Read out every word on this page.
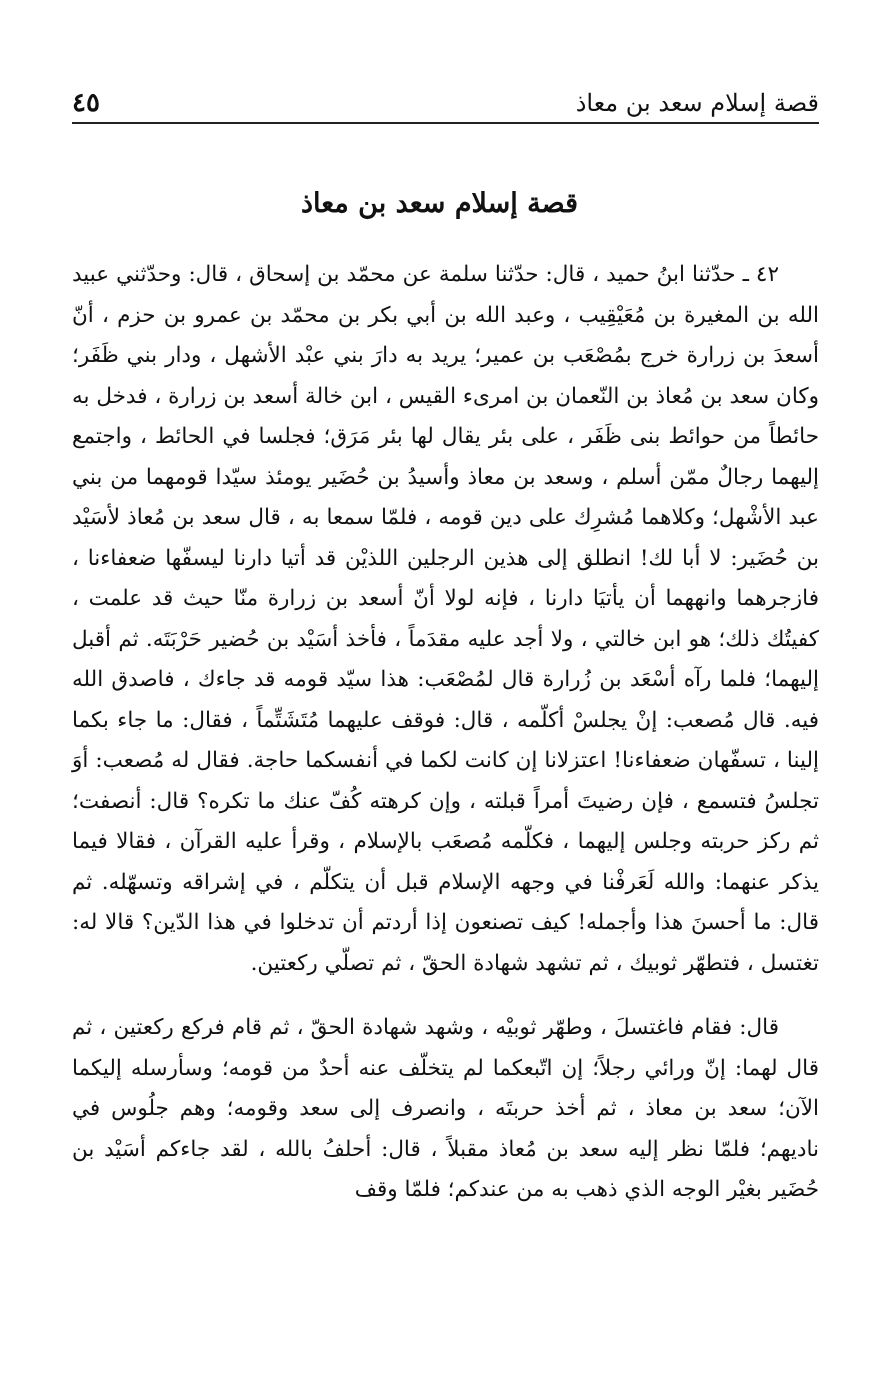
قصة إسلام سعد بن معاذ
٤٥
قصة إسلام سعد بن معاذ

٤٢ ـ حدّثنا ابنُ حميد ، قال: حدّثنا سلمة عن محمّد بن إسحاق ، قال: وحدّثني عبيد الله بن المغيرة بن مُعَيْقِيب ، وعبد الله بن أبي بكر بن محمّد بن عمرو بن حزم ، أنّ أسعدَ بن زرارة خرج بمُصْعَب بن عمير؛ يريد به دارَ بني عبْد الأشهل ، ودار بني ظَفَر؛ وكان سعد بن مُعاذ بن النّعمان بن امرىء القيس ، ابن خالة أسعد بن زرارة ، فدخل به حائطاً من حوائط بنى ظَفَر ، على بئر يقال لها بئر مَرَق؛ فجلسا في الحائط ، واجتمع إليهما رجالٌ ممّن أسلم ، وسعد بن معاذ وأسيدُ بن حُضَير يومئذ سيّدا قومهما من بني عبد الأشْهل؛ وكلاهما مُشرِك على دين قومه ، فلمّا سمعا به ، قال سعد بن مُعاذ لأسَيْد بن حُضَير: لا أبا لك! انطلق إلى هذين الرجلين اللذيْن قد أتيا دارنا ليسفّها ضعفاءنا ، فازجرهما وانههما أن يأتيَا دارنا ، فإنه لولا أنّ أسعد بن زرارة منّا حيث قد علمت ، كفيتُك ذلك؛ هو ابن خالتي ، ولا أجد عليه مقدَماً ، فأخذ أسَيْد بن حُضير حَرْبَتَه. ثم أقبل إليهما؛ فلما رآه أسْعَد بن زُرارة قال لمُصْعَب: هذا سيّد قومه قد جاءك ، فاصدق الله فيه. قال مُصعب: إنْ يجلسْ أكلّمه ، قال: فوقف عليهما مُتَشَتِّماً ، فقال: ما جاء بكما إلينا ، تسفّهان ضعفاءنا! اعتزلانا إن كانت لكما في أنفسكما حاجة. فقال له مُصعب: أوَ تجلسُ فتسمع ، فإن رضيتَ أمراً قبلته ، وإن كرهته كُفّ عنك ما تكره؟ قال: أنصفت؛ ثم ركز حربته وجلس إليهما ، فكلّمه مُصعَب بالإسلام ، وقرأ عليه القرآن ، فقالا فيما يذكر عنهما: والله لَعَرفْنا في وجهه الإسلام قبل أن يتكلّم ، في إشراقه وتسهّله. ثم قال: ما أحسنَ هذا وأجمله! كيف تصنعون إذا أردتم أن تدخلوا في هذا الدّين؟ قالا له: تغتسل ، فتطهّر ثوبيك ، ثم تشهد شهادة الحقّ ، ثم تصلّي ركعتين.

قال: فقام فاغتسلَ ، وطهّر ثوبيْه ، وشهد شهادة الحقّ ، ثم قام فركع ركعتين ، ثم قال لهما: إنّ ورائي رجلاً؛ إن اتّبعكما لم يتخلّف عنه أحدٌ من قومه؛ وسأرسله إليكما الآن؛ سعد بن معاذ ، ثم أخذ حربتَه ، وانصرف إلى سعد وقومه؛ وهم جلُوس في ناديهم؛ فلمّا نظر إليه سعد بن مُعاذ مقبلاً ، قال: أحلفُ بالله ، لقد جاءكم أسَيْد بن حُضَير بغيْر الوجه الذي ذهب به من عندكم؛ فلمّا وقف
